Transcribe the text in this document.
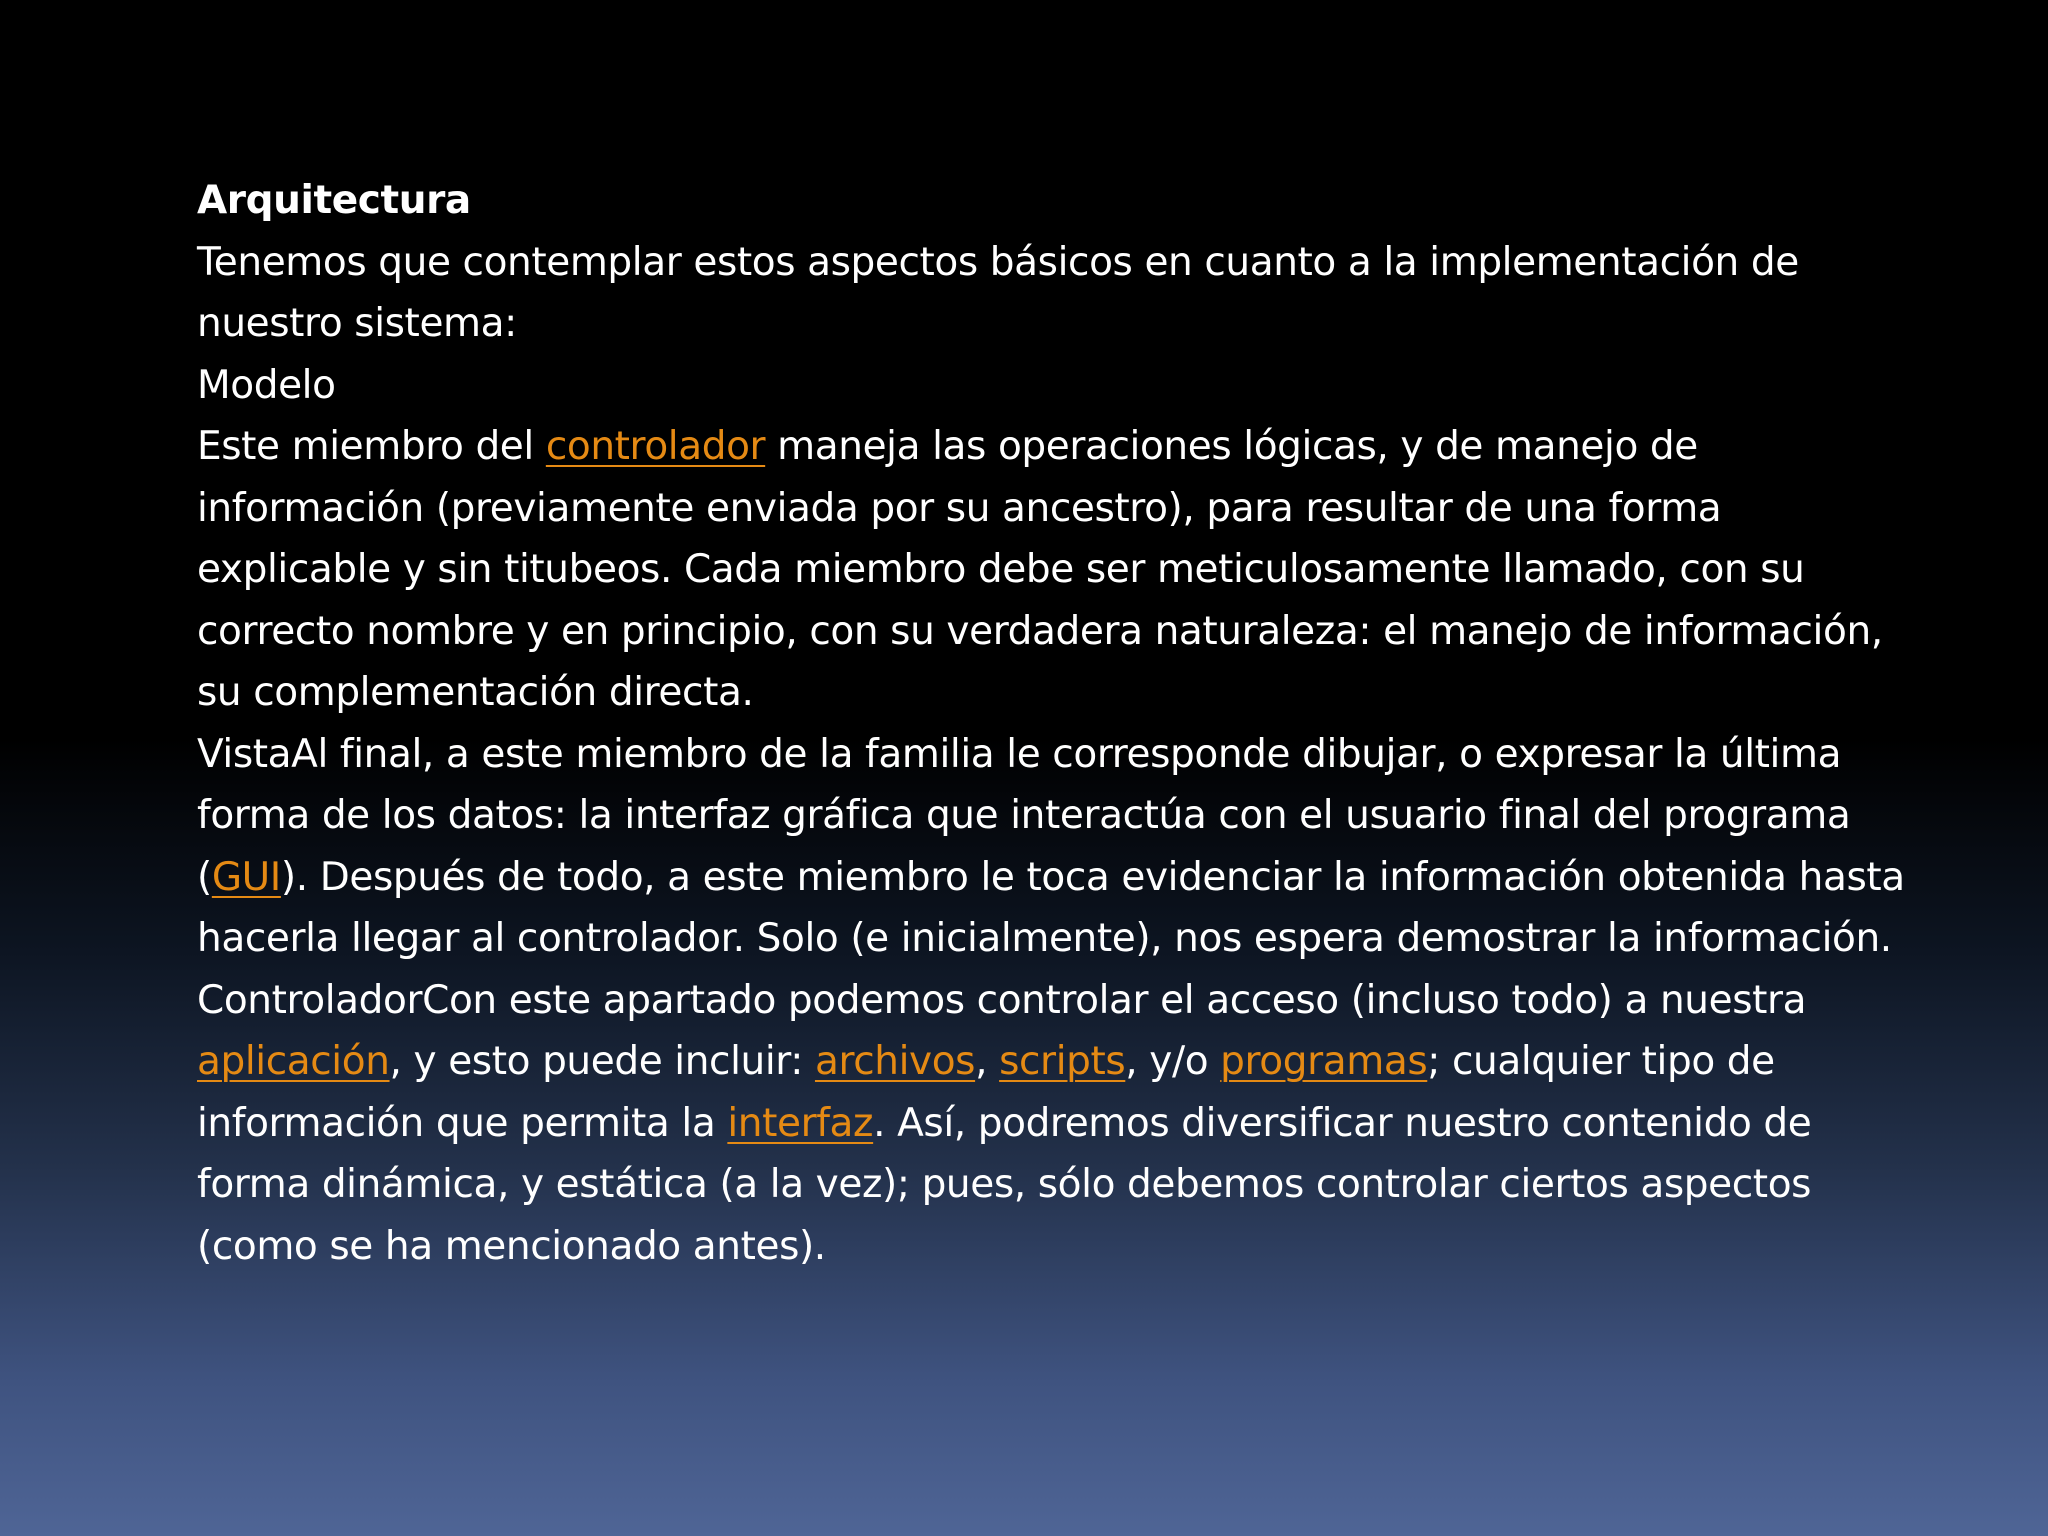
Arquitectura
Tenemos que contemplar estos aspectos básicos en cuanto a la implementación de nuestro sistema:
Modelo
Este miembro del controlador maneja las operaciones lógicas, y de manejo de información (previamente enviada por su ancestro), para resultar de una forma explicable y sin titubeos. Cada miembro debe ser meticulosamente llamado, con su correcto nombre y en principio, con su verdadera naturaleza: el manejo de información, su complementación directa.
VistaAl final, a este miembro de la familia le corresponde dibujar, o expresar la última forma de los datos: la interfaz gráfica que interactúa con el usuario final del programa (GUI). Después de todo, a este miembro le toca evidenciar la información obtenida hasta hacerla llegar al controlador. Solo (e inicialmente), nos espera demostrar la información.
ControladorCon este apartado podemos controlar el acceso (incluso todo) a nuestra aplicación, y esto puede incluir: archivos, scripts, y/o programas; cualquier tipo de información que permita la interfaz. Así, podremos diversificar nuestro contenido de forma dinámica, y estática (a la vez); pues, sólo debemos controlar ciertos aspectos (como se ha mencionado antes).
